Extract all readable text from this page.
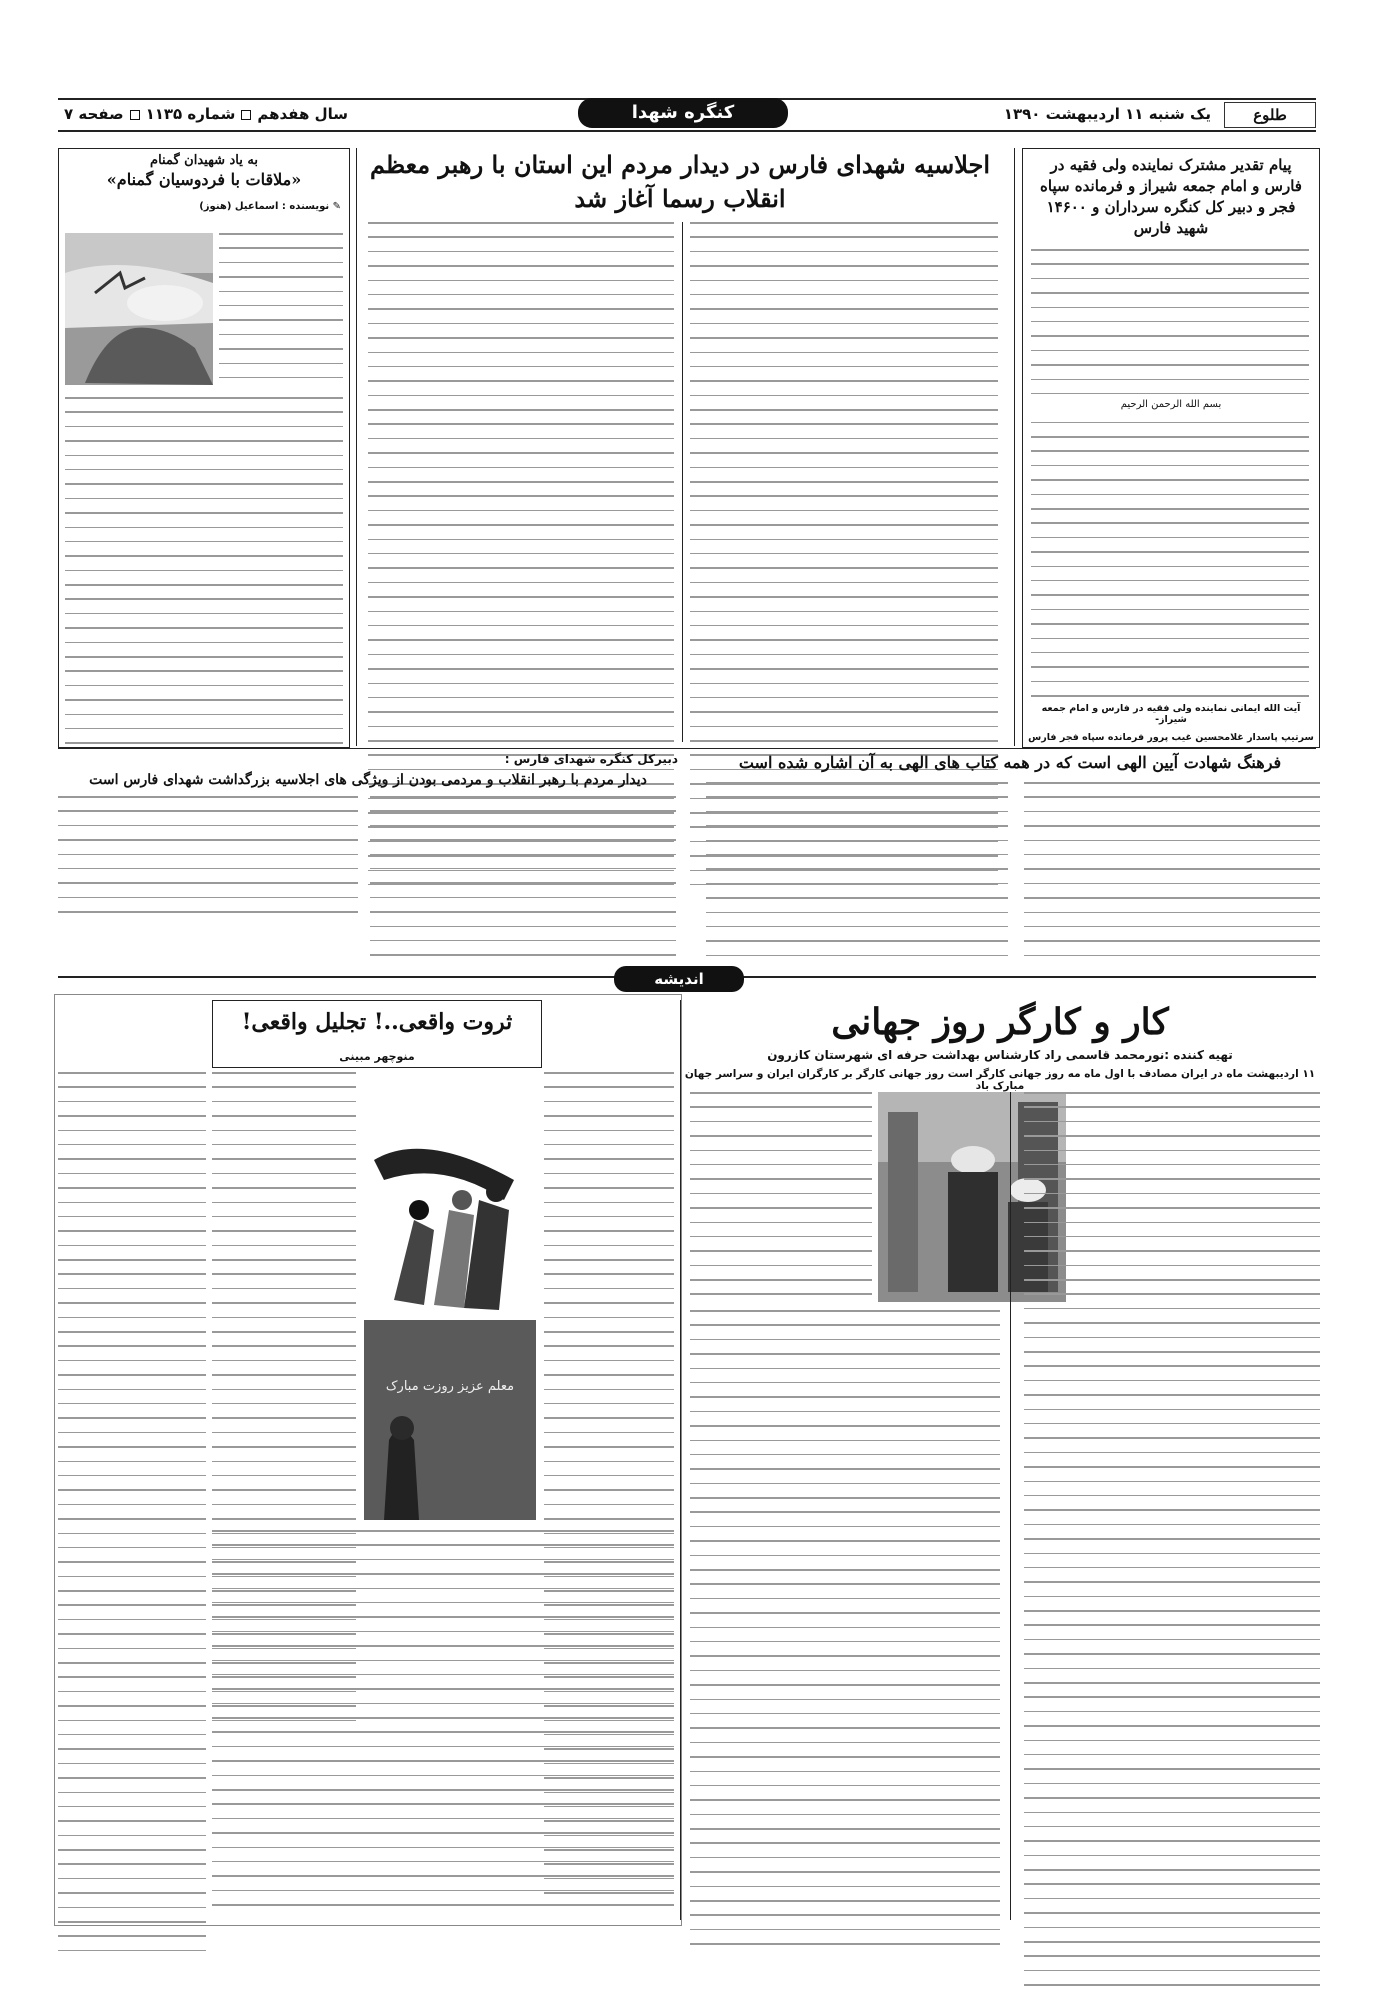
طلوع
یک شنبه ۱۱ اردیبهشت ۱۳۹۰
کنگره شهدا
سال هفدهمشماره ۱۱۳۵صفحه ۷
پیام تقدیر مشترک نماینده ولی فقیه در فارس و امام جمعه شیراز و فرمانده سپاه فجر و دبیر کل کنگره سرداران و ۱۴۶۰۰ شهید فارس
بسم الله الرحمن الرحیم
آیت الله ایمانی نماینده ولی فقیه در فارس و امام جمعه شیراز-
سرتیپ پاسدار غلامحسین غیب پرور فرمانده سپاه فجر فارس
اجلاسیه شهدای فارس در دیدار مردم این استان با رهبر معظم انقلاب رسما آغاز شد
به یاد شهیدان گمنام
«ملاقات با فردوسیان گمنام»
✎ نویسنده : اسماعیل (هنوز)
فرهنگ شهادت آیین الهی است که در همه کتاب های الهی به آن اشاره شده است
دبیرکل کنگره شهدای فارس :
دیدار مردم با رهبر انقلاب و مردمی بودن از ویژگی های اجلاسیه بزرگداشت شهدای فارس است
اندیشه
کار و کارگر روز جهانی
تهیه کننده :نورمحمد قاسمی راد کارشناس بهداشت حرفه ای شهرستان کازرون
۱۱ اردیبهشت ماه در ایران مصادف با اول ماه مه روز جهانی کارگر است روز جهانی کارگر بر کارگران ایران و سراسر جهان مبارک باد
ثروت واقعی..! تجلیل واقعی!
منوچهر مبینی
معلم عزیز روزت مبارک
